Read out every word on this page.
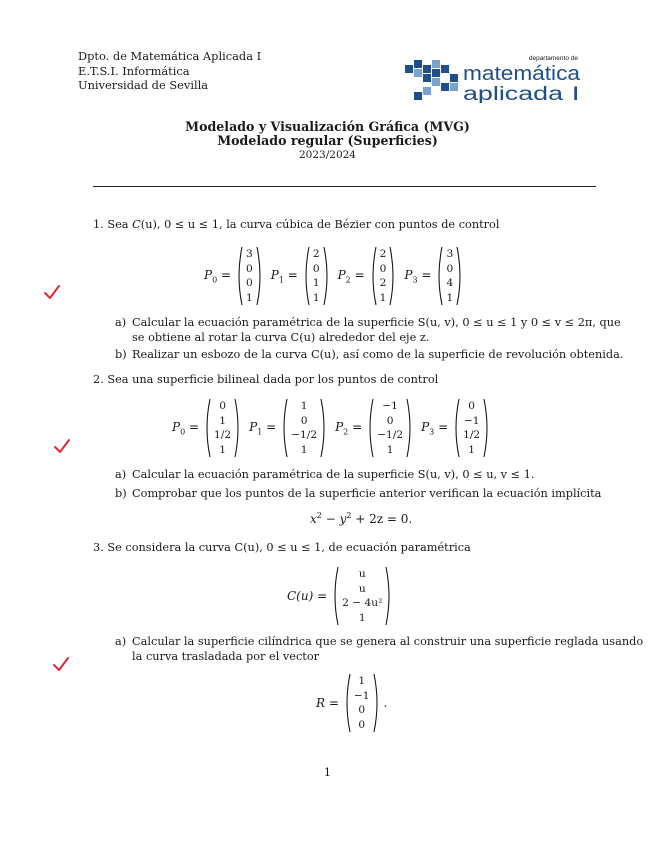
Dpto. de Matemática Aplicada I
E.T.S.I. Informática
Universidad de Sevilla
departamento de
matemática
aplicada I
Modelado y Visualización Gráfica (MVG)
Modelado regular (Superficies)
2023/2024
1. Sea C(u), 0 ≤ u ≤ 1, la curva cúbica de Bézier con puntos de control
$P_0$ =
3
0
0
1
$P_1$ =
2
0
1
1
$P_2$ =
2
0
2
1
$P_3$ =
3
0
4
1
a) Calcular la ecuación paramétrica de la superficie S(u, v), 0 ≤ u ≤ 1 y 0 ≤ v ≤ 2π, que
se obtiene al rotar la curva C(u) alrededor del eje z.
b) Realizar un esbozo de la curva C(u), así como de la superficie de revolución obtenida.
2. Sea una superficie bilineal dada por los puntos de control
$P_0$ =
0
1
1/2
1
$P_1$ =
1
0
−1/2
1
$P_2$ =
−1
0
−1/2
1
$P_3$ =
0
−1
1/2
1
a) Calcular la ecuación paramétrica de la superficie S(u, v), 0 ≤ u, v ≤ 1.
b) Comprobar que los puntos de la superficie anterior verifican la ecuación implícita
$x^2 - y^2 + 2z = 0$.
3. Se considera la curva C(u), 0 ≤ u ≤ 1, de ecuación paramétrica
C(u) =
u
u
2 − 4u²
1
a) Calcular la superficie cilíndrica que se genera al construir una superficie reglada usando
la curva trasladada por el vector
R =
1
−1
0
0
.
1
